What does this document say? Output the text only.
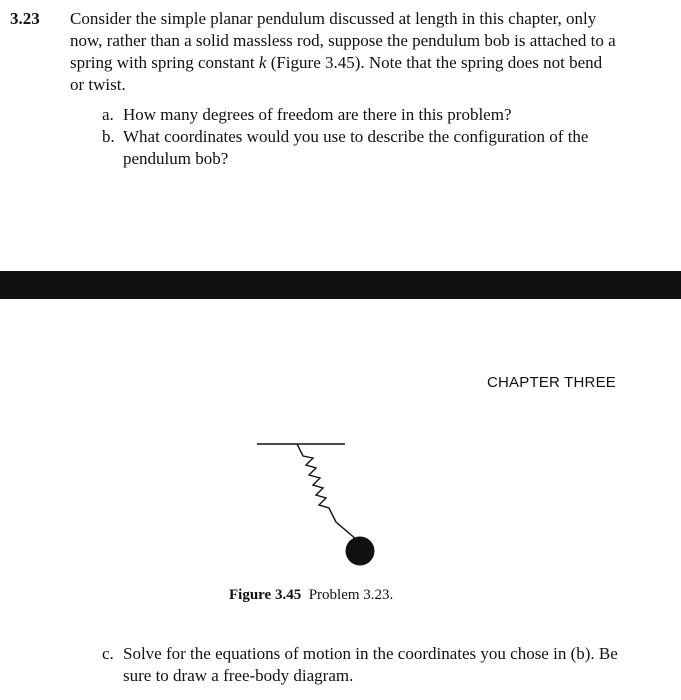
3.23 Consider the simple planar pendulum discussed at length in this chapter, only now, rather than a solid massless rod, suppose the pendulum bob is attached to a spring with spring constant k (Figure 3.45). Note that the spring does not bend or twist.
a. How many degrees of freedom are there in this problem?
b. What coordinates would you use to describe the configuration of the pendulum bob?
CHAPTER THREE
Figure 3.45 Problem 3.23.
c. Solve for the equations of motion in the coordinates you chose in (b). Be sure to draw a free-body diagram.
